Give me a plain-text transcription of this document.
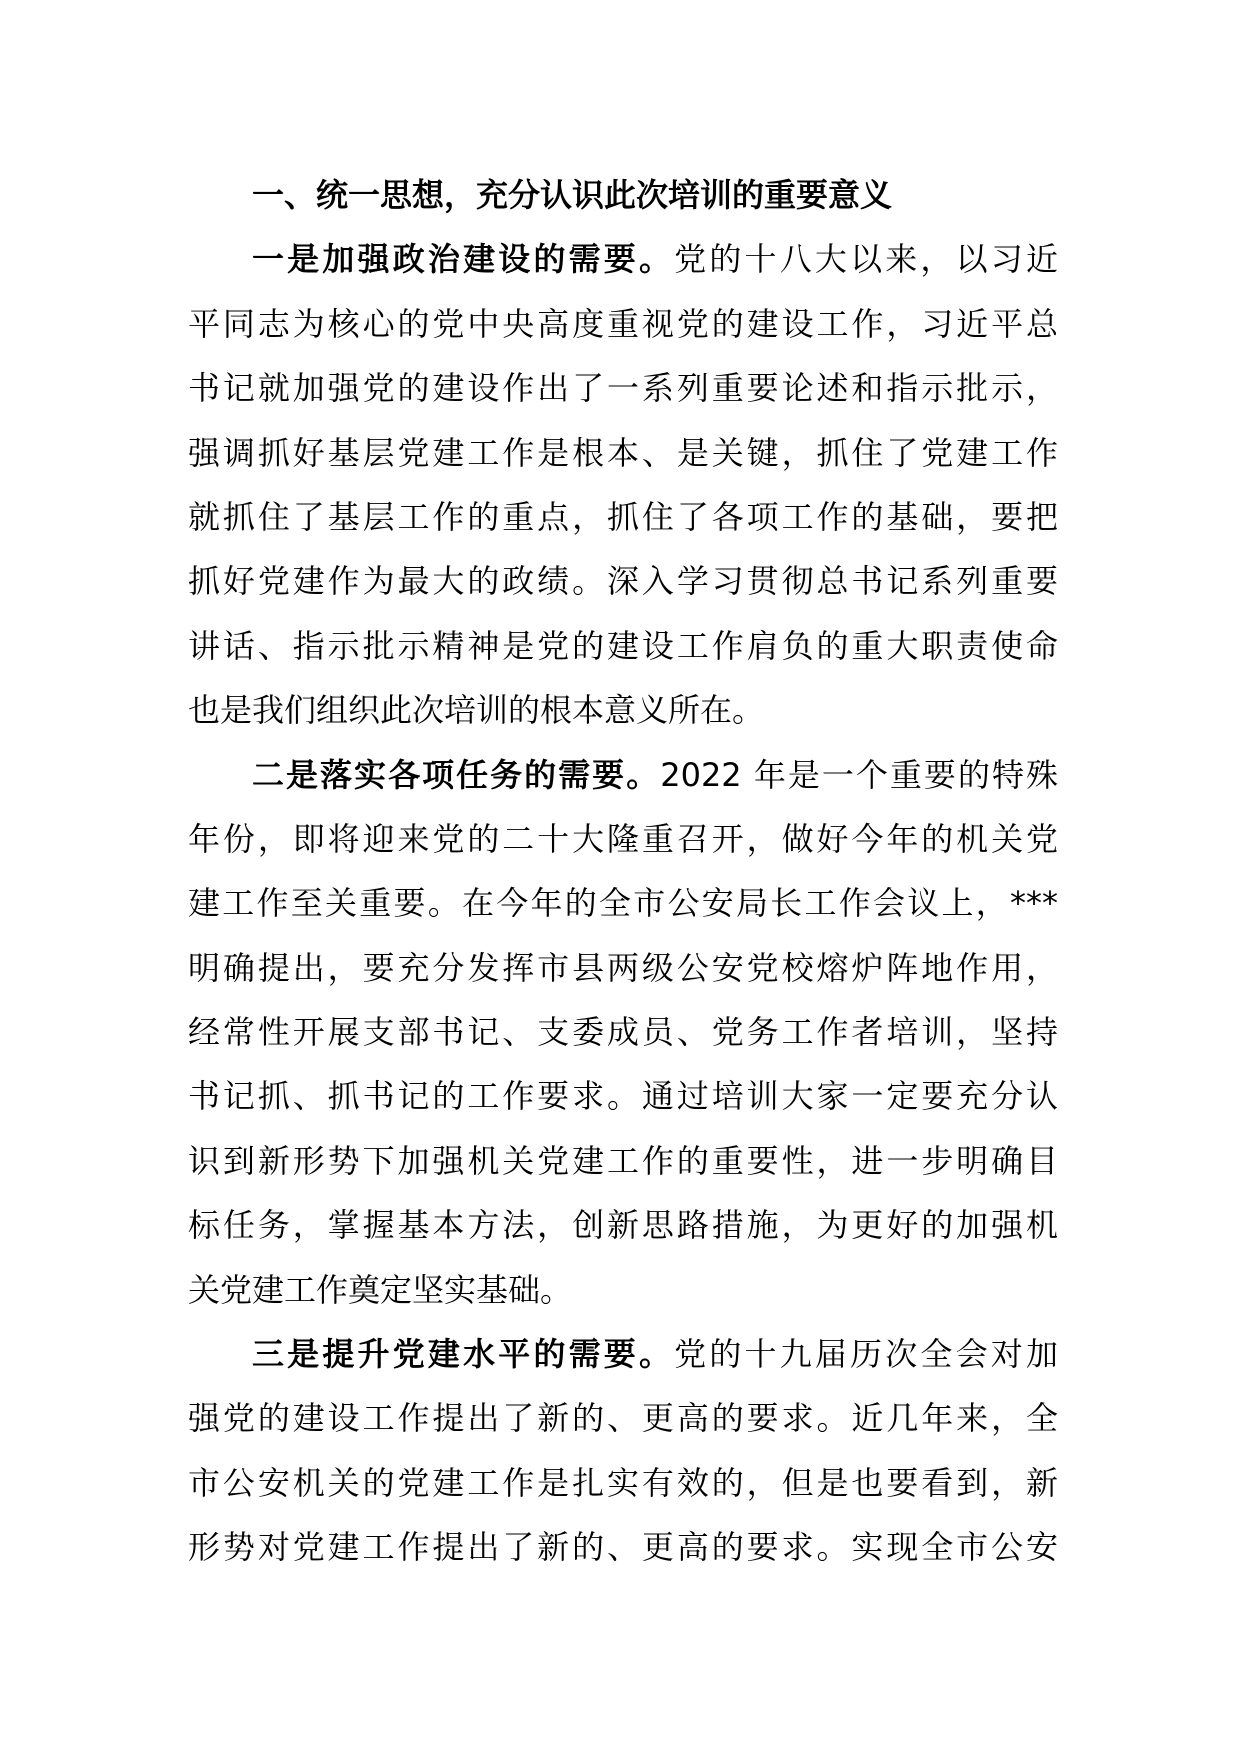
一、统一思想，充分认识此次培训的重要意义
一是加强政治建设的需要。党的十八大以来，以习近
平同志为核心的党中央高度重视党的建设工作，习近平总
书记就加强党的建设作出了一系列重要论述和指示批示，
强调抓好基层党建工作是根本、是关键，抓住了党建工作
就抓住了基层工作的重点，抓住了各项工作的基础，要把
抓好党建作为最大的政绩。深入学习贯彻总书记系列重要
讲话、指示批示精神是党的建设工作肩负的重大职责使命
也是我们组织此次培训的根本意义所在。
二是落实各项任务的需要。2022 年是一个重要的特殊
年份，即将迎来党的二十大隆重召开，做好今年的机关党
建工作至关重要。在今年的全市公安局长工作会议上，***
明确提出，要充分发挥市县两级公安党校熔炉阵地作用，
经常性开展支部书记、支委成员、党务工作者培训，坚持
书记抓、抓书记的工作要求。通过培训大家一定要充分认
识到新形势下加强机关党建工作的重要性，进一步明确目
标任务，掌握基本方法，创新思路措施，为更好的加强机
关党建工作奠定坚实基础。
三是提升党建水平的需要。党的十九届历次全会对加
强党的建设工作提出了新的、更高的要求。近几年来，全
市公安机关的党建工作是扎实有效的，但是也要看到，新
形势对党建工作提出了新的、更高的要求。实现全市公安
